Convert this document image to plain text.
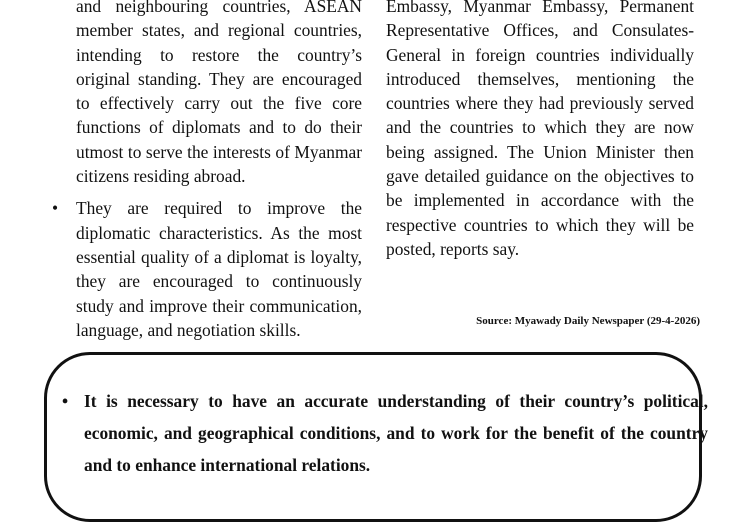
and neighbouring countries, ASEAN member states, and regional countries, intending to restore the country’s original standing. They are encouraged to effectively carry out the five core functions of diplomats and to do their utmost to serve the interests of Myanmar citizens residing abroad.

•	They are required to improve the diplomatic characteristics. As the most essential quality of a diplomat is loyalty, they are encouraged to continuously study and improve their communication, language, and negotiation skills.

Embassy, Myanmar Embassy, Permanent Representative Offices, and Consulates-General in foreign countries individually introduced themselves, mentioning the countries where they had previously served and the countries to which they are now being assigned. The Union Minister then gave detailed guidance on the objectives to be implemented in accordance with the respective countries to which they will be posted, reports say.

Source: Myawady Daily Newspaper (29-4-2026)
• It is necessary to have an accurate understanding of their country’s political, economic, and geographical conditions, and to work for the benefit of the country and to enhance international relations.
